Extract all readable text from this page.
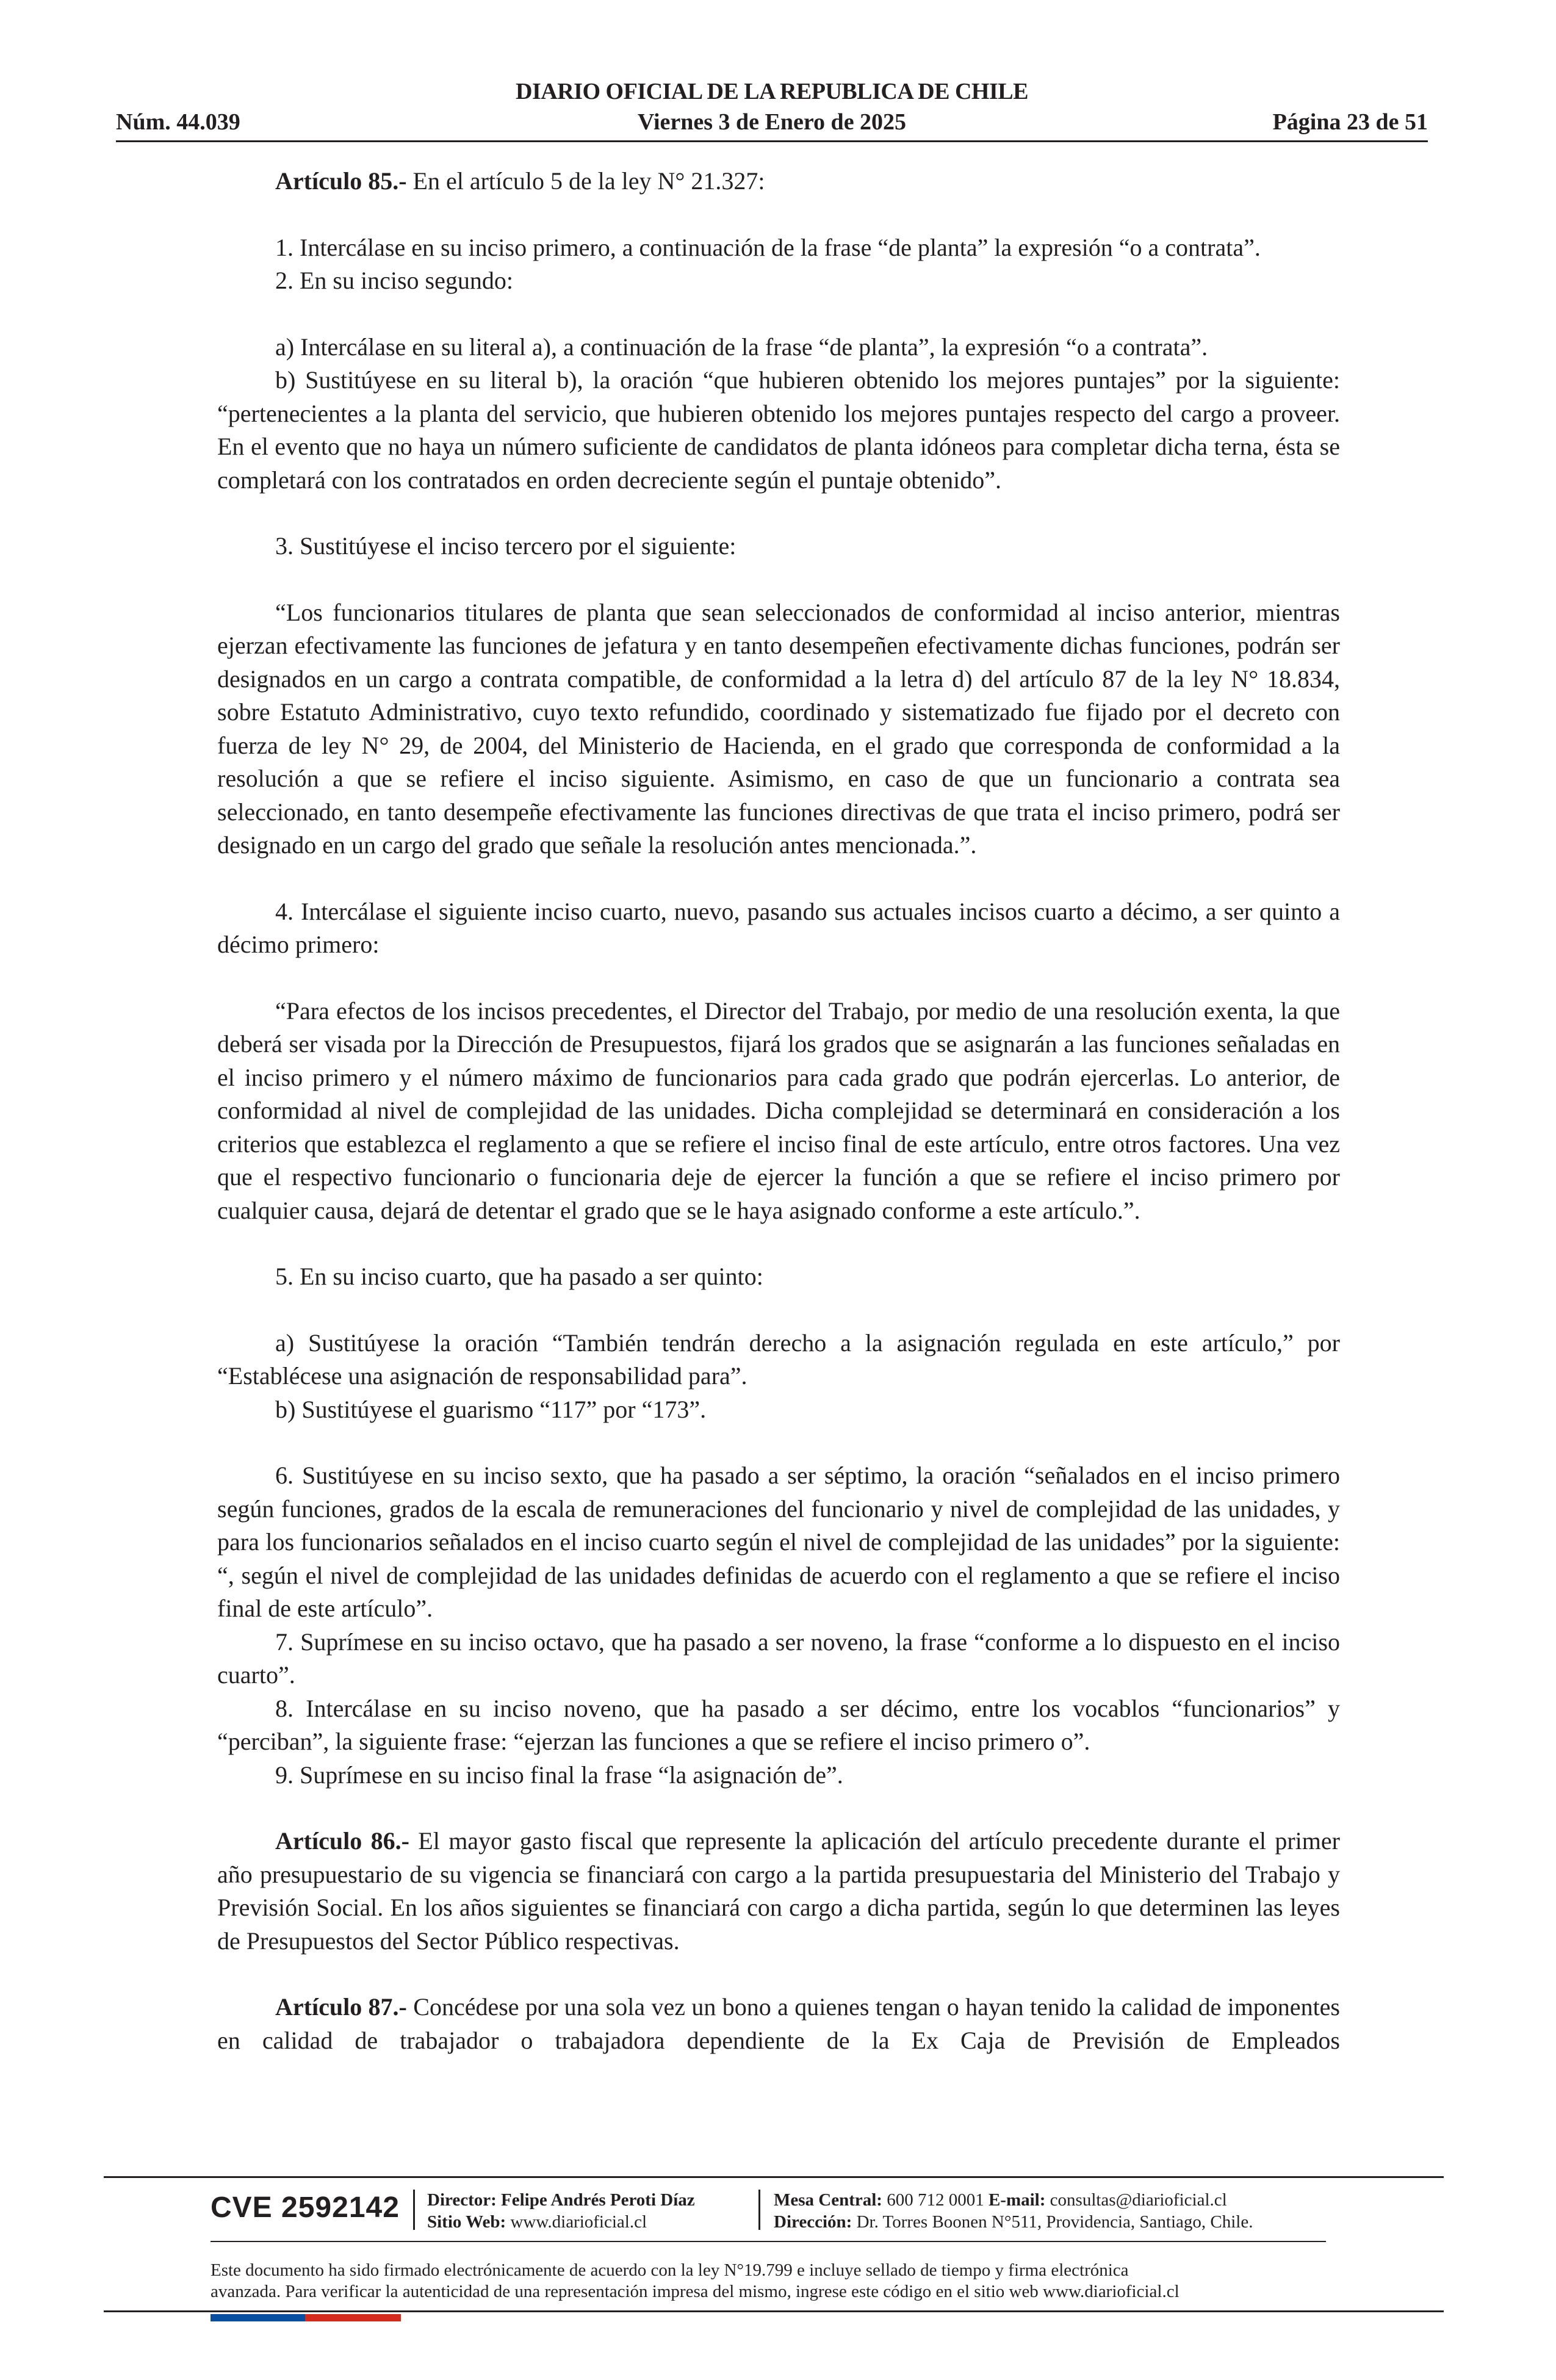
DIARIO OFICIAL DE LA REPUBLICA DE CHILE
Núm. 44.039	Viernes 3 de Enero de 2025	Página 23 de 51

Artículo 85.- En el artículo 5 de la ley N° 21.327:

1. Intercálase en su inciso primero, a continuación de la frase “de planta” la expresión “o a contrata”.

2. En su inciso segundo:

a) Intercálase en su literal a), a continuación de la frase “de planta”, la expresión “o a contrata”.

b) Sustitúyese en su literal b), la oración “que hubieren obtenido los mejores puntajes” por la siguiente: “pertenecientes a la planta del servicio, que hubieren obtenido los mejores puntajes respecto del cargo a proveer. En el evento que no haya un número suficiente de candidatos de planta idóneos para completar dicha terna, ésta se completará con los contratados en orden decreciente según el puntaje obtenido”.

3. Sustitúyese el inciso tercero por el siguiente:

“Los funcionarios titulares de planta que sean seleccionados de conformidad al inciso anterior, mientras ejerzan efectivamente las funciones de jefatura y en tanto desempeñen efectivamente dichas funciones, podrán ser designados en un cargo a contrata compatible, de conformidad a la letra d) del artículo 87 de la ley N° 18.834, sobre Estatuto Administrativo, cuyo texto refundido, coordinado y sistematizado fue fijado por el decreto con fuerza de ley N° 29, de 2004, del Ministerio de Hacienda, en el grado que corresponda de conformidad a la resolución a que se refiere el inciso siguiente. Asimismo, en caso de que un funcionario a contrata sea seleccionado, en tanto desempeñe efectivamente las funciones directivas de que trata el inciso primero, podrá ser designado en un cargo del grado que señale la resolución antes mencionada.”.

4. Intercálase el siguiente inciso cuarto, nuevo, pasando sus actuales incisos cuarto a décimo, a ser quinto a décimo primero:

“Para efectos de los incisos precedentes, el Director del Trabajo, por medio de una resolución exenta, la que deberá ser visada por la Dirección de Presupuestos, fijará los grados que se asignarán a las funciones señaladas en el inciso primero y el número máximo de funcionarios para cada grado que podrán ejercerlas. Lo anterior, de conformidad al nivel de complejidad de las unidades. Dicha complejidad se determinará en consideración a los criterios que establezca el reglamento a que se refiere el inciso final de este artículo, entre otros factores. Una vez que el respectivo funcionario o funcionaria deje de ejercer la función a que se refiere el inciso primero por cualquier causa, dejará de detentar el grado que se le haya asignado conforme a este artículo.”.

5. En su inciso cuarto, que ha pasado a ser quinto:

a) Sustitúyese la oración “También tendrán derecho a la asignación regulada en este artículo,” por “Establécese una asignación de responsabilidad para”.

b) Sustitúyese el guarismo “117” por “173”.

6. Sustitúyese en su inciso sexto, que ha pasado a ser séptimo, la oración “señalados en el inciso primero según funciones, grados de la escala de remuneraciones del funcionario y nivel de complejidad de las unidades, y para los funcionarios señalados en el inciso cuarto según el nivel de complejidad de las unidades” por la siguiente: “, según el nivel de complejidad de las unidades definidas de acuerdo con el reglamento a que se refiere el inciso final de este artículo”.

7. Suprímese en su inciso octavo, que ha pasado a ser noveno, la frase “conforme a lo dispuesto en el inciso cuarto”.

8. Intercálase en su inciso noveno, que ha pasado a ser décimo, entre los vocablos “funcionarios” y “perciban”, la siguiente frase: “ejerzan las funciones a que se refiere el inciso primero o”.

9. Suprímese en su inciso final la frase “la asignación de”.

Artículo 86.- El mayor gasto fiscal que represente la aplicación del artículo precedente durante el primer año presupuestario de su vigencia se financiará con cargo a la partida presupuestaria del Ministerio del Trabajo y Previsión Social. En los años siguientes se financiará con cargo a dicha partida, según lo que determinen las leyes de Presupuestos del Sector Público respectivas.

Artículo 87.- Concédese por una sola vez un bono a quienes tengan o hayan tenido la calidad de imponentes en calidad de trabajador o trabajadora dependiente de la Ex Caja de Previsión de Empleados

CVE 2592142 Director: Felipe Andrés Peroti Díaz
Sitio Web: www.diarioficial.cl
Mesa Central: 600 712 0001 E-mail: consultas@diarioficial.cl
Dirección: Dr. Torres Boonen N°511, Providencia, Santiago, Chile.
Este documento ha sido firmado electrónicamente de acuerdo con la ley N°19.799 e incluye sellado de tiempo y firma electrónica
avanzada. Para verificar la autenticidad de una representación impresa del mismo, ingrese este código en el sitio web www.diarioficial.cl
